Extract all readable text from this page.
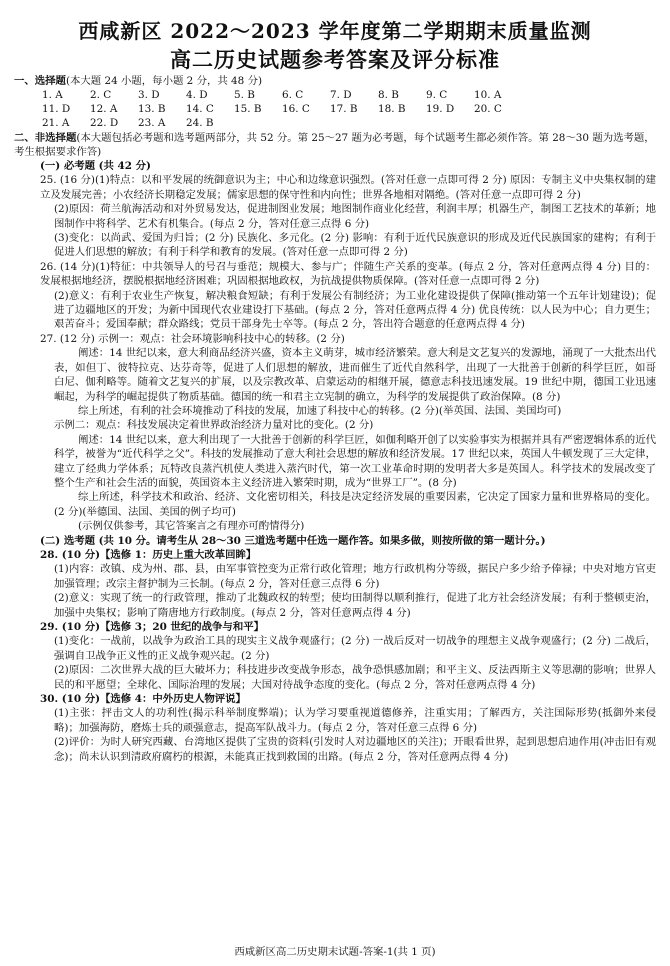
西咸新区 2022～2023 学年度第二学期期末质量监测
高二历史试题参考答案及评分标准
一、选择题(本大题 24 小题，每小题 2 分，共 48 分)
1. A	2. C	3. D	4. D	5. B	6. C	7. D	8. B	9. C	10. A
11. D	12. A	13. B	14. C	15. B	16. C	17. B	18. B	19. D	20. C
21. A	22. D	23. A	24. B
二、非选择题(本大题包括必考题和选考题两部分，共 52 分。第 25～27 题为必考题，每个试题考生都必须作答。第 28～30 题为选考题，考生根据要求作答)
(一) 必考题 (共 42 分)

25. (16 分)(1)特点：以和平发展的统御意识为主；中心和边缘意识强烈。(答对任意一点即可得 2 分) 原因：专制主义中央集权制的建立及发展完善；小农经济长期稳定发展；儒家思想的保守性和内向性；世界各地相对隔绝。(答对任意一点即可得 2 分)

(2)原因：荷兰航海活动和对外贸易发达，促进制图业发展；地图制作商业化经营，利润丰厚；机器生产，制图工艺技术的革新；地图制作中将科学、艺术有机集合。(每点 2 分，答对任意三点得 6 分)

(3)变化：以尚武、爱国为归旨；(2 分) 民族化、多元化。(2 分) 影响：有利于近代民族意识的形成及近代民族国家的建构；有利于促进人们思想的解放；有利于科学和教育的发展。(答对任意一点即可得 2 分)

26. (14 分)(1)特征：中共领导人的号召与垂范；规模大、参与广；伴随生产关系的变革。(每点 2 分，答对任意两点得 4 分) 目的：发展根据地经济，摆脱根据地经济困难；巩固根据地政权，为抗战提供物质保障。(答对任意一点即可得 2 分)

(2)意义：有利于农业生产恢复，解决粮食短缺；有利于发展公有制经济；为工业化建设提供了保障(推动第一个五年计划建设)；促进了边疆地区的开发；为新中国现代农业建设打下基础。(每点 2 分，答对任意两点得 4 分) 优良传统：以人民为中心；自力更生；艰苦奋斗；爱国奉献；群众路线；党员干部身先士卒等。(每点 2 分，答出符合题意的任意两点得 4 分)

27. (12 分) 示例一：观点：社会环境影响科技中心的转移。(2 分)

阐述：14 世纪以来，意大利商品经济兴盛，资本主义萌芽，城市经济繁荣。意大利是文艺复兴的发源地，涌现了一大批杰出代表，如但丁、彼特拉克、达芬奇等，促进了人们思想的解放，进而催生了近代自然科学，出现了一大批善于创新的科学巨匠，如哥白尼、伽利略等。随着文艺复兴的扩展，以及宗教改革、启蒙运动的相继开展，德意志科技迅速发展。19 世纪中期，德国工业迅速崛起，为科学的崛起提供了物质基础。德国的统一和君主立宪制的确立，为科学的发展提供了政治保障。(8 分)

综上所述，有利的社会环境推动了科技的发展，加速了科技中心的转移。(2 分)(举英国、法国、美国均可)

示例二：观点：科技发展决定着世界政治经济力量对比的变化。(2 分)

阐述：14 世纪以来，意大利出现了一大批善于创新的科学巨匠，如伽利略开创了以实验事实为根据并具有严密逻辑体系的近代科学，被誉为“近代科学之父”。科技的发展推动了意大利社会思想的解放和经济发展。17 世纪以来，英国人牛顿发现了三大定律，建立了经典力学体系；瓦特改良蒸汽机使人类进入蒸汽时代，第一次工业革命时期的发明者大多是英国人。科学技术的发展改变了整个生产和社会生活的面貌，英国资本主义经济进入繁荣时期，成为“世界工厂”。(8 分)

综上所述，科学技术和政治、经济、文化密切相关，科技是决定经济发展的重要因素，它决定了国家力量和世界格局的变化。(2 分)(举德国、法国、美国的例子均可)

(示例仅供参考，其它答案言之有理亦可酌情得分)

(二) 选考题 (共 10 分。请考生从 28～30 三道选考题中任选一题作答。如果多做，则按所做的第一题计分。)

28. (10 分)【选修 1：历史上重大改革回眸】

(1)内容：改镇、戍为州、郡、县，由军事管控变为正常行政化管理；地方行政机构分等级，据民户多少给予俸禄；中央对地方官吏加强管理；改宗主督护制为三长制。(每点 2 分，答对任意三点得 6 分)

(2)意义：实现了统一的行政管理，推动了北魏政权的转型；使均田制得以顺利推行，促进了北方社会经济发展；有利于整顿吏治，加强中央集权；影响了隋唐地方行政制度。(每点 2 分，答对任意两点得 4 分)

29. (10 分)【选修 3；20 世纪的战争与和平】

(1)变化：一战前，以战争为政治工具的现实主义战争观盛行；(2 分) 一战后反对一切战争的理想主义战争观盛行；(2 分) 二战后，强调自卫战争正义性的正义战争观兴起。(2 分)

(2)原因：二次世界大战的巨大破坏力；科技进步改变战争形态，战争恐惧感加剧；和平主义、反法西斯主义等思潮的影响；世界人民的和平愿望；全球化、国际治理的发展；大国对待战争态度的变化。(每点 2 分，答对任意两点得 4 分)

30. (10 分)【选修 4：中外历史人物评说】

(1)主张：抨击文人的功利性(揭示科举制度弊端)；认为学习要重视道德修养，注重实用；了解西方，关注国际形势(抵御外来侵略)；加强海防，磨炼士兵的顽强意志，提高军队战斗力。(每点 2 分，答对任意三点得 6 分)

(2)评价：为时人研究西藏、台湾地区提供了宝贵的资料(引发时人对边疆地区的关注)；开眼看世界，起到思想启迪作用(冲击旧有观念)；尚未认识到清政府腐朽的根源，未能真正找到救国的出路。(每点 2 分，答对任意两点得 4 分)

西咸新区高二历史期末试题-答案-1(共 1 页)
